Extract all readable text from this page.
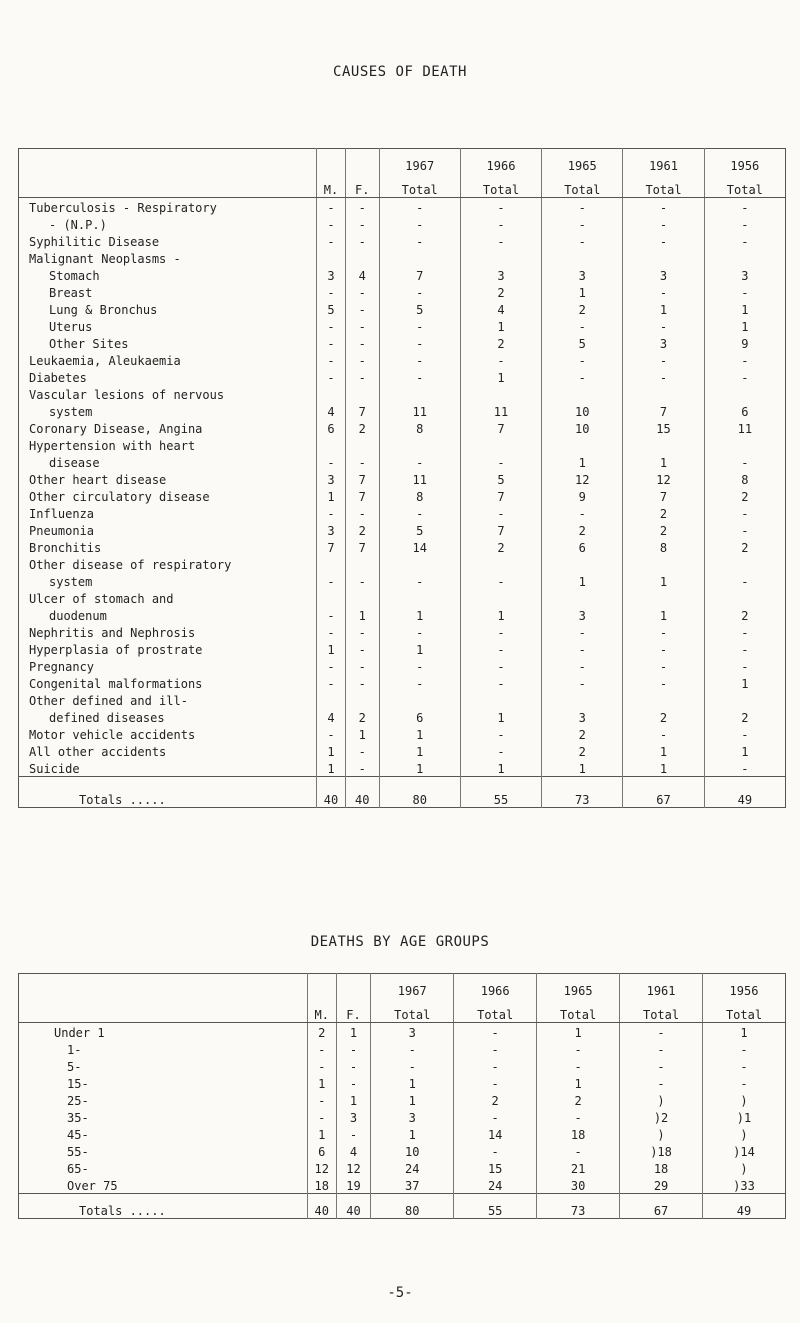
CAUSES OF DEATH
			1967	1966	1965	1961	1956
	M.	F.	Total	Total	Total	Total	Total
Tuberculosis - Respiratory	-	-	-	-	-	-	-
- (N.P.)	-	-	-	-	-	-	-
Syphilitic Disease	-	-	-	-	-	-	-
Malignant Neoplasms -							
Stomach	3	4	7	3	3	3	3
Breast	-	-	-	2	1	-	-
Lung & Bronchus	5	-	5	4	2	1	1
Uterus	-	-	-	1	-	-	1
Other Sites	-	-	-	2	5	3	9
Leukaemia, Aleukaemia	-	-	-	-	-	-	-
Diabetes	-	-	-	1	-	-	-
Vascular lesions of nervous							
system	4	7	11	11	10	7	6
Coronary Disease, Angina	6	2	8	7	10	15	11
Hypertension with heart							
disease	-	-	-	-	1	1	-
Other heart disease	3	7	11	5	12	12	8
Other circulatory disease	1	7	8	7	9	7	2
Influenza	-	-	-	-	-	2	-
Pneumonia	3	2	5	7	2	2	-
Bronchitis	7	7	14	2	6	8	2
Other disease of respiratory							
system	-	-	-	-	1	1	-
Ulcer of stomach and							
duodenum	-	1	1	1	3	1	2
Nephritis and Nephrosis	-	-	-	-	-	-	-
Hyperplasia of prostrate	1	-	1	-	-	-	-
Pregnancy	-	-	-	-	-	-	-
Congenital malformations	-	-	-	-	-	-	1
Other defined and ill-							
defined diseases	4	2	6	1	3	2	2
Motor vehicle accidents	-	1	1	-	2	-	-
All other accidents	1	-	1	-	2	1	1
Suicide	1	-	1	1	1	1	-
Totals .....	40	40	80	55	73	67	49
DEATHS BY AGE GROUPS
			1967	1966	1965	1961	1956
	M.	F.	Total	Total	Total	Total	Total
Under 1	2	1	3	-	1	-	1
1-	-	-	-	-	-	-	-
5-	-	-	-	-	-	-	-
15-	1	-	1	-	1	-	-
25-	-	1	1	2	2	)	)
35-	-	3	3	-	-	)2	)1
45-	1	-	1	14	18	)	)
55-	6	4	10	-	-	)18	)14
65-	12	12	24	15	21	18	)
Over 75	18	19	37	24	30	29	)33
Totals .....	40	40	80	55	73	67	49
-5-
